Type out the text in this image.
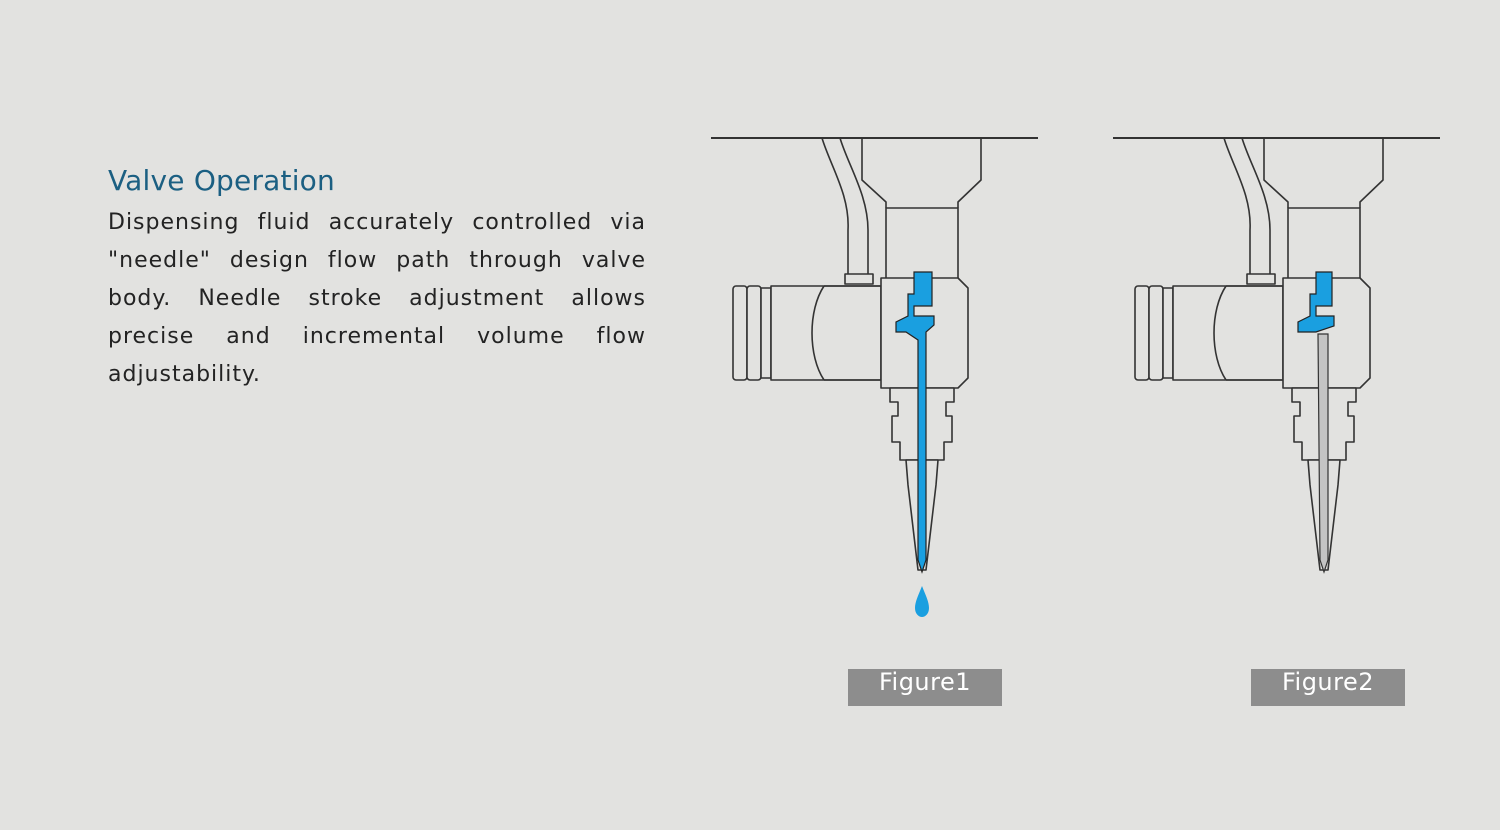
Valve Operation

Dispensing fluid accurately controlled via "needle" design flow path through valve body. Needle stroke adjustment allows precise and incremental volume flow adjustability.

Figure1	Figure2
